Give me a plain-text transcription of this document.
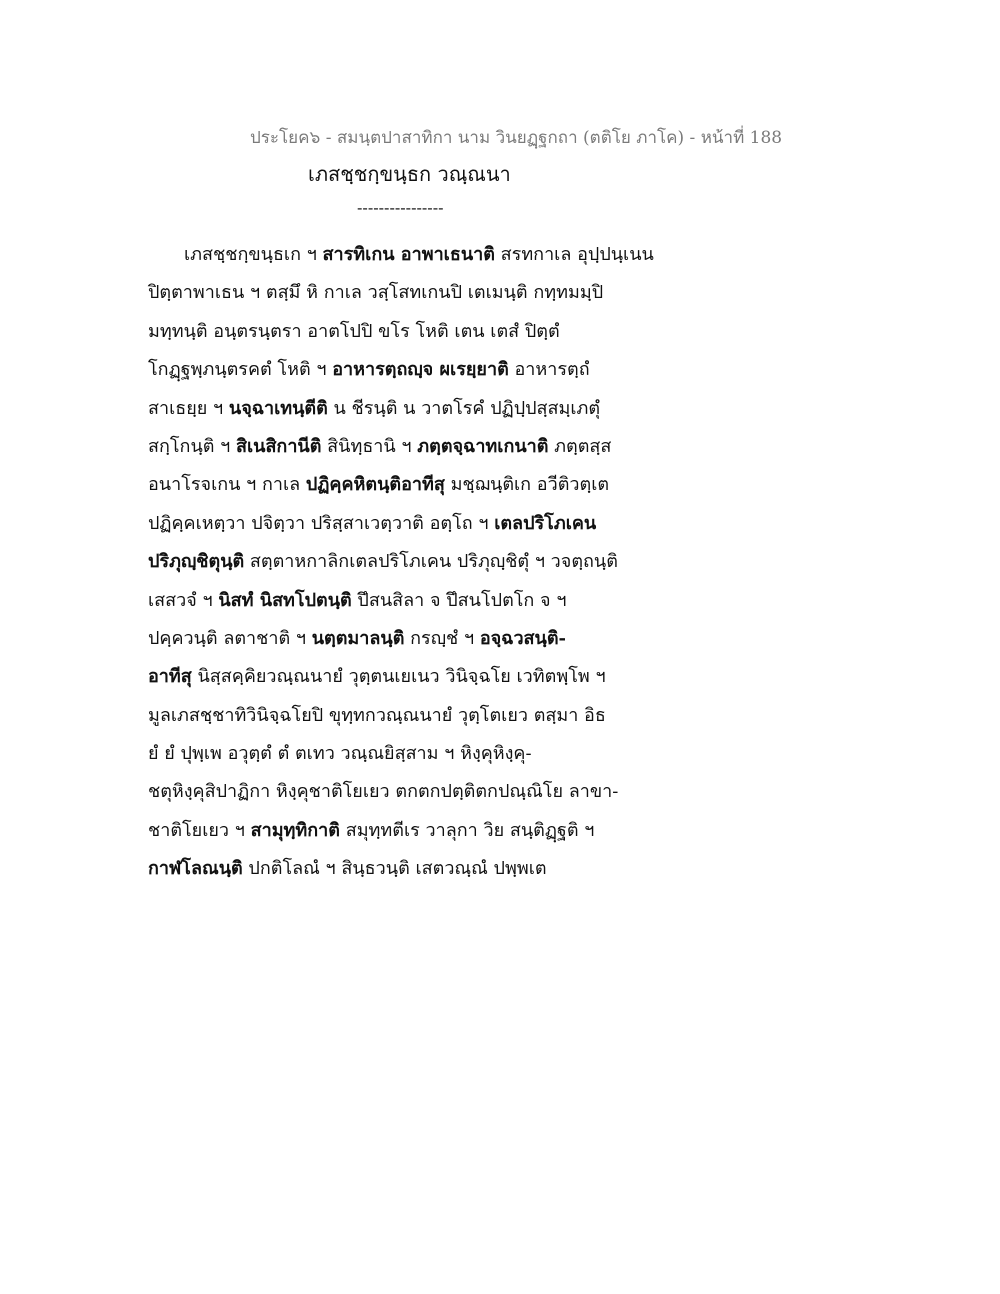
ประโยค๖ - สมนฺตปาสาทิกา นาม วินยฏฺฐกถา (ตติโย ภาโค) - หน้าที่ 188
เภสชฺชกฺขนฺธก วณฺณนา
----------------
เภสชฺชกฺขนฺธเก ฯ สารทิเกน อาพาเธนาติ สรทกาเล อุปฺปนฺเนน
ปิตฺตาพาเธน ฯ ตสฺมึ หิ กาเล วสฺโสทเกนปิ เตเมนฺติ กทฺทมมฺปิ
มทฺทนฺติ อนฺตรนฺตรา อาตโปปิ ขโร โหติ เตน เตสํ ปิตฺตํ
โกฏฺฐพฺภนฺตรคตํ โหติ ฯ อาหารตฺถญฺจ ผเรยฺยาติ อาหารตฺถํ
สาเธยฺย ฯ นจฺฉาเทนฺตีติ น ชีรนฺติ น วาตโรคํ ปฏิปฺปสฺสมฺเภตุํ
สกฺโกนฺติ ฯ สิเนสิกานีติ สินิทฺธานิ ฯ ภตฺตจฺฉาทเกนาติ ภตฺตสฺส
อนาโรจเกน ฯ กาเล ปฏิคฺคหิตนฺติอาทีสุ มชฺฌนฺติเก อวีติวตฺเต
ปฏิคฺคเหตฺวา ปจิตฺวา ปริสฺสาเวตฺวาติ อตฺโถ ฯ เตลปริโภเคน
ปริภุญฺชิตุนฺติ สตฺตาหกาลิกเตลปริโภเคน ปริภุญฺชิตุํ ฯ วจตฺถนฺติ
เสสวจํ ฯ นิสทํ นิสทโปตนฺติ ปึสนสิลา จ ปึสนโปตโก จ ฯ
ปคฺควนฺติ ลตาชาติ ฯ นตฺตมาลนฺติ กรญฺชํ ฯ อจฺฉวสนฺติ-
อาทีสุ นิสฺสคฺคิยวณฺณนายํ วุตฺตนเยเนว วินิจฺฉโย เวทิตพฺโพ ฯ
มูลเภสชฺชาทิวินิจฺฉโยปิ ขุทฺทกวณฺณนายํ วุตฺโตเยว ตสฺมา อิธ
ยํ ยํ ปุพฺเพ อวุตฺตํ ตํ ตเทว วณฺณยิสฺสาม ฯ หิงฺคุหิงฺคุ-
ชตุหิงฺคุสิปาฏิกา หิงฺคุชาติโยเยว ตกตกปตฺติตกปณฺณิโย ลาขา-
ชาติโยเยว ฯ สามุทฺทิกาติ สมุทฺทตีเร วาลุกา วิย สนฺติฏฺฐติ ฯ
กาฬโลณนฺติ ปกติโลณํ ฯ สินฺธวนฺติ เสตวณฺณํ ปพฺพเต
